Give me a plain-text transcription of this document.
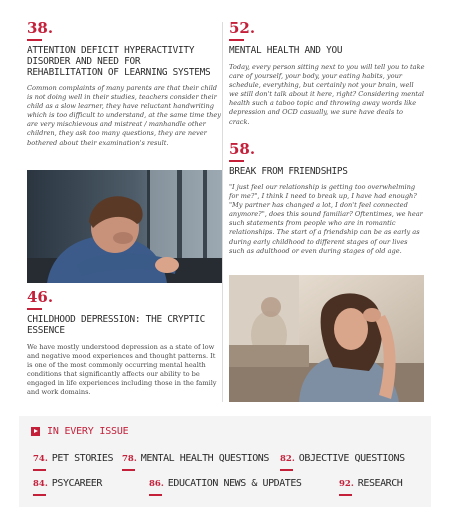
38.
ATTENTION DEFICIT HYPERACTIVITY DISORDER AND NEED FOR REHABILITATION OF LEARNING SYSTEMS
Common complaints of many parents are that their child is not doing well in their studies, teachers consider their child as a slow learner, they have reluctant handwriting which is too difficult to understand, at the same time they are very mischievous and mistreat / manhandle other children, they ask too many questions, they are never bothered about their examination's result.
46.
CHILDHOOD DEPRESSION: THE CRYPTIC ESSENCE
We have mostly understood depression as a state of low and negative mood experiences and thought patterns. It is one of the most commonly occurring mental health conditions that significantly affects our ability to be engaged in life experiences including those in the family and work domains.
52.
MENTAL HEALTH AND YOU
Today, every person sitting next to you will tell you to take care of yourself, your body, your eating habits, your schedule, everything, but certainly not your brain, well we still don't talk about it here, right? Considering mental health such a taboo topic and throwing away words like depression and OCD casually, we sure have deals to crack.
58.
BREAK FROM FRIENDSHIPS
"I just feel our relationship is getting too overwhelming for me?", I think I need to break up, I have had enough? "My partner has changed a lot, I don't feel connected anymore?", does this sound familiar? Oftentimes, we hear such statements from people who are in romantic relationships. The start of a friendship can be as early as during early childhood to different stages of our lives such as adulthood or even during stages of old age.
IN EVERY ISSUE
74. PET STORIES 78. MENTAL HEALTH QUESTIONS 82. OBJECTIVE QUESTIONS
84. PSYCAREER	86. EDUCATION NEWS & UPDATES	92. RESEARCH
